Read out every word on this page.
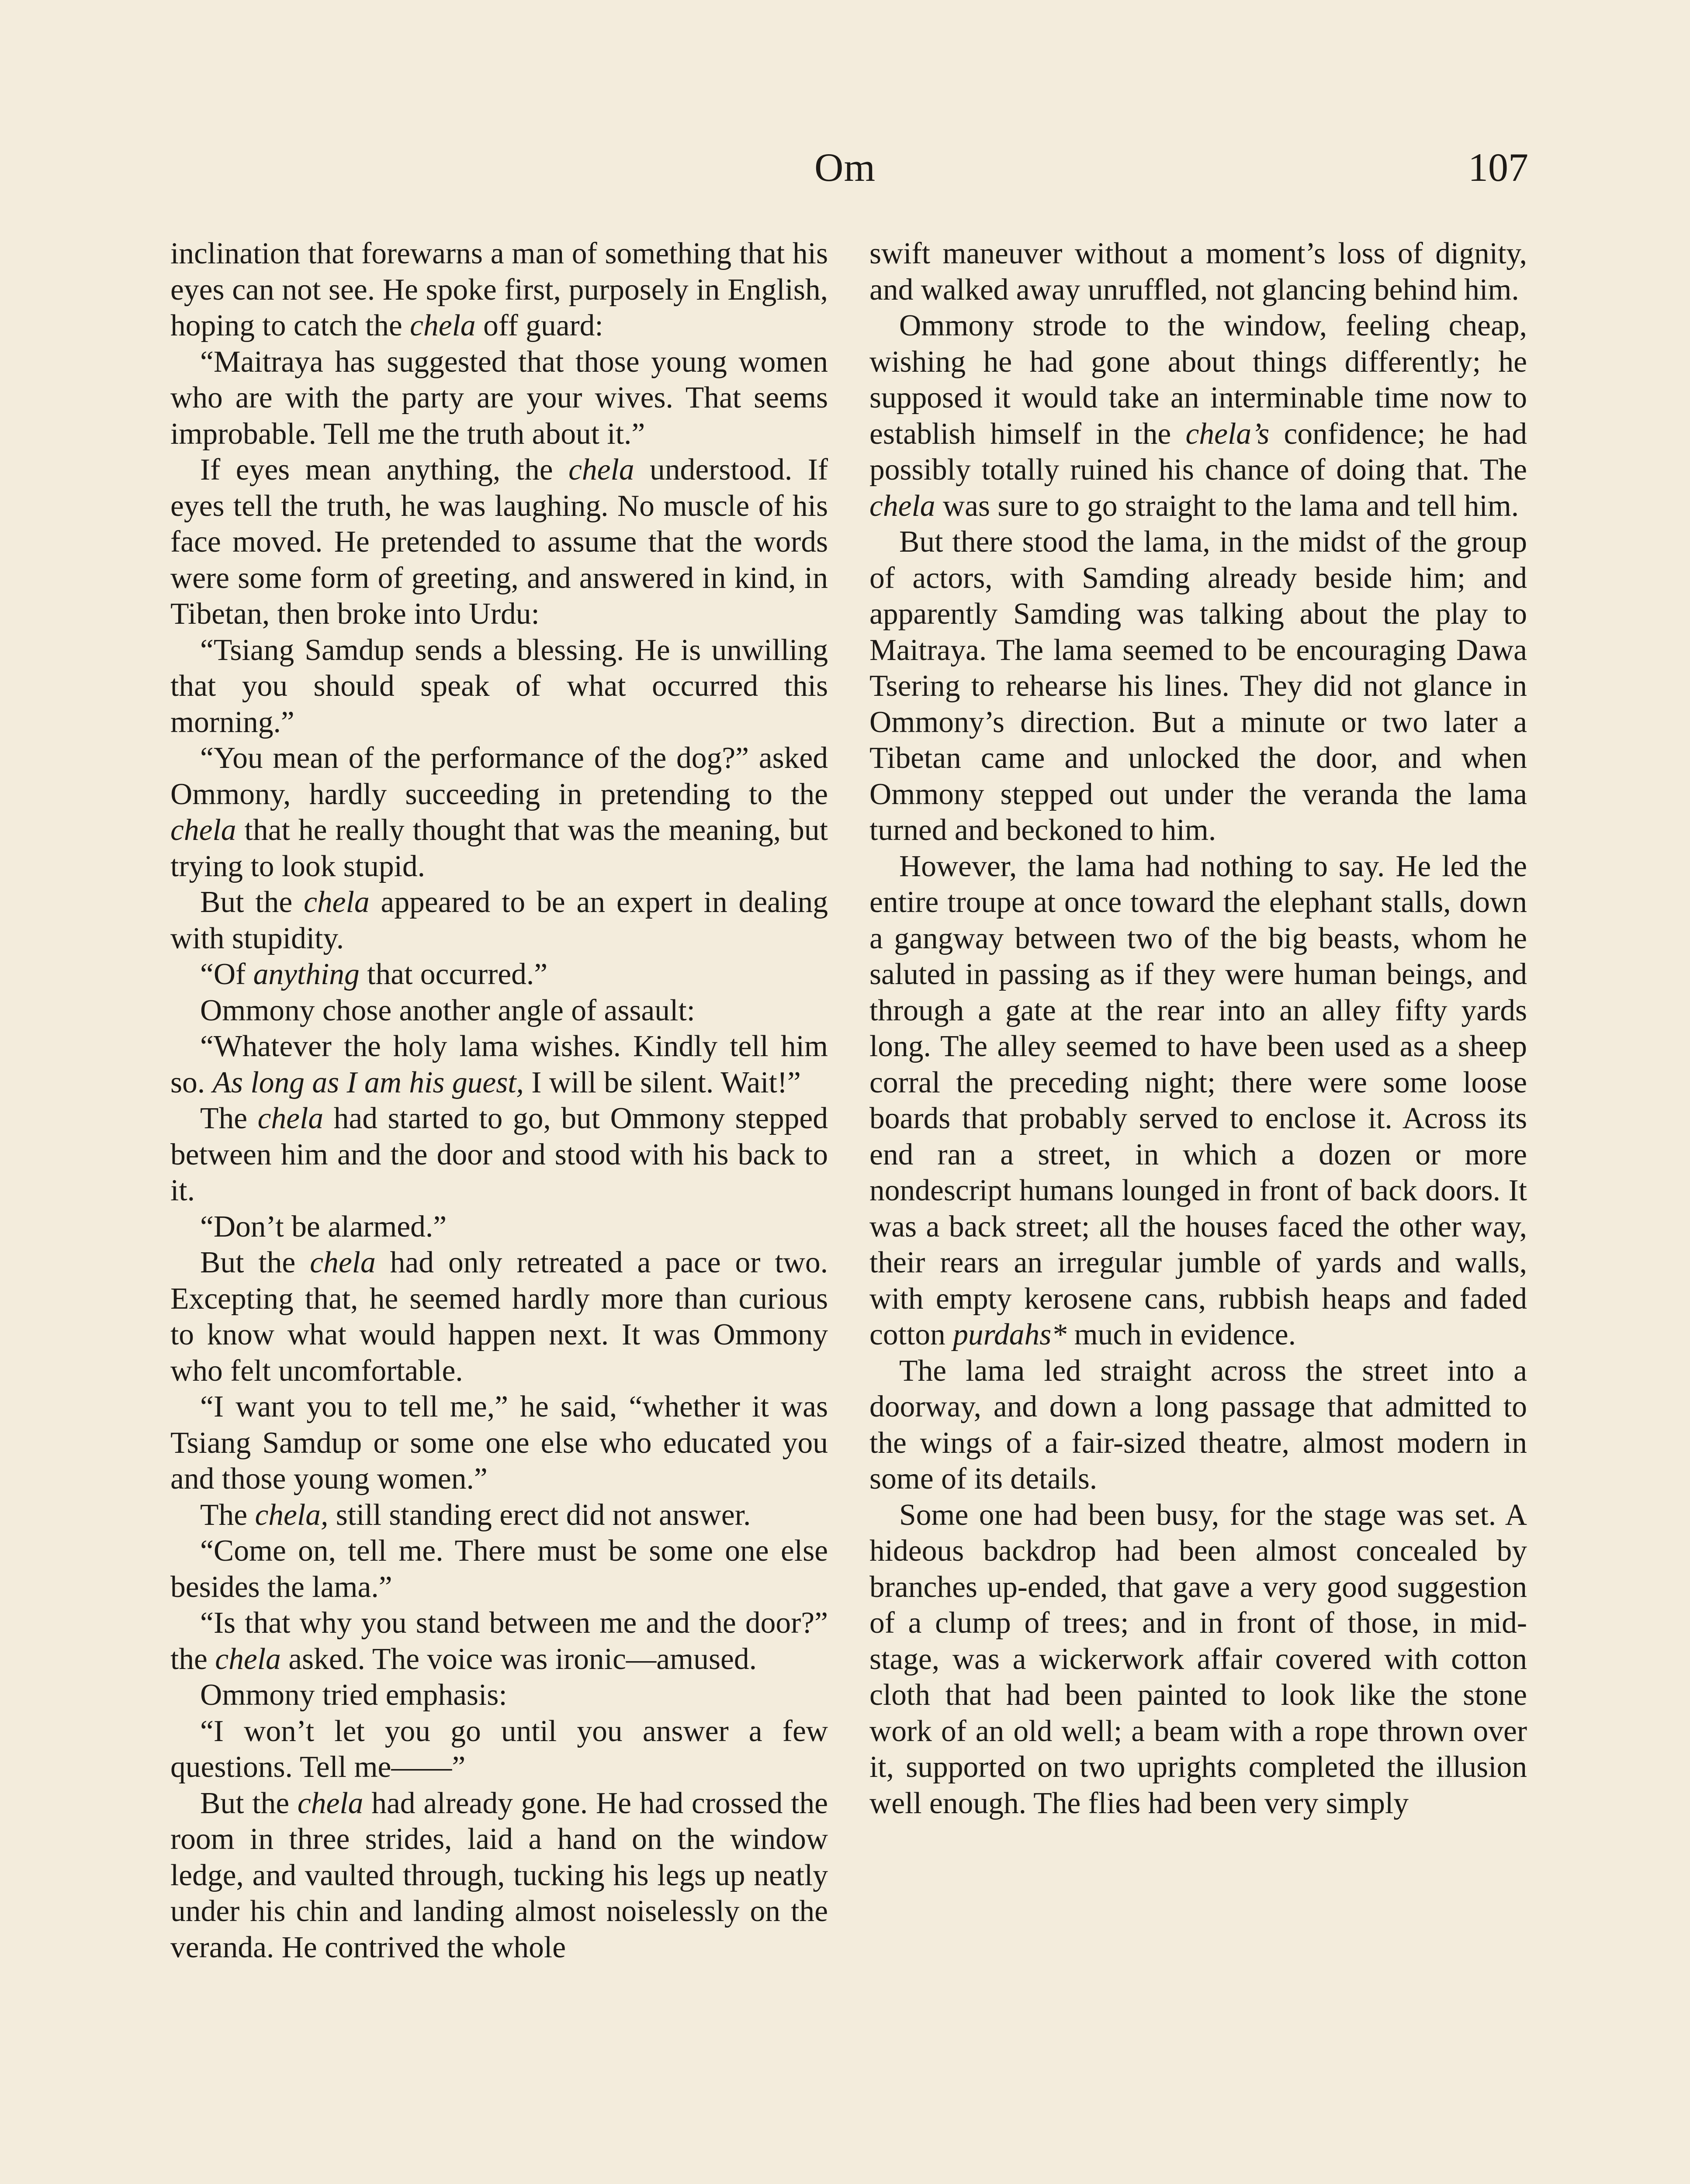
Om	107

inclination that forewarns a man of something that his eyes can not see. He spoke first, purposely in English, hoping to catch the chela off guard:

“Maitraya has suggested that those young women who are with the party are your wives. That seems improbable. Tell me the truth about it.”

If eyes mean anything, the chela understood. If eyes tell the truth, he was laughing. No muscle of his face moved. He pretended to assume that the words were some form of greeting, and answered in kind, in Tibetan, then broke into Urdu:

“Tsiang Samdup sends a blessing. He is unwilling that you should speak of what occurred this morning.”

“You mean of the performance of the dog?” asked Ommony, hardly succeeding in pretending to the chela that he really thought that was the meaning, but trying to look stupid.

But the chela appeared to be an expert in dealing with stupidity.

“Of anything that occurred.”

Ommony chose another angle of assault:

“Whatever the holy lama wishes. Kindly tell him so. As long as I am his guest, I will be silent. Wait!”

The chela had started to go, but Ommony stepped between him and the door and stood with his back to it.

“Don’t be alarmed.”

But the chela had only retreated a pace or two. Excepting that, he seemed hardly more than curious to know what would happen next. It was Ommony who felt uncomfortable.

“I want you to tell me,” he said, “whether it was Tsiang Samdup or some one else who educated you and those young women.”

The chela, still standing erect did not answer.

“Come on, tell me. There must be some one else besides the lama.”

“Is that why you stand between me and the door?” the chela asked. The voice was ironic—amused.

Ommony tried emphasis:

“I won’t let you go until you answer a few questions. Tell me——”

But the chela had already gone. He had crossed the room in three strides, laid a hand on the window ledge, and vaulted through, tucking his legs up neatly under his chin and landing almost noiselessly on the veranda. He contrived the whole

swift maneuver without a moment’s loss of dignity, and walked away unruffled, not glancing behind him.

Ommony strode to the window, feeling cheap, wishing he had gone about things differently; he supposed it would take an interminable time now to establish himself in the chela’s confidence; he had possibly totally ruined his chance of doing that. The chela was sure to go straight to the lama and tell him.

But there stood the lama, in the midst of the group of actors, with Samding already beside him; and apparently Samding was talking about the play to Maitraya. The lama seemed to be encouraging Dawa Tsering to rehearse his lines. They did not glance in Ommony’s direction. But a minute or two later a Tibetan came and unlocked the door, and when Ommony stepped out under the veranda the lama turned and beckoned to him.

However, the lama had nothing to say. He led the entire troupe at once toward the elephant stalls, down a gangway between two of the big beasts, whom he saluted in passing as if they were human beings, and through a gate at the rear into an alley fifty yards long. The alley seemed to have been used as a sheep corral the preceding night; there were some loose boards that probably served to enclose it. Across its end ran a street, in which a dozen or more nondescript humans lounged in front of back doors. It was a back street; all the houses faced the other way, their rears an irregular jumble of yards and walls, with empty kerosene cans, rubbish heaps and faded cotton purdahs* much in evidence.

The lama led straight across the street into a doorway, and down a long passage that admitted to the wings of a fair-sized theatre, almost modern in some of its details.

Some one had been busy, for the stage was set. A hideous backdrop had been almost concealed by branches up-ended, that gave a very good suggestion of a clump of trees; and in front of those, in mid-stage, was a wickerwork affair covered with cotton cloth that had been painted to look like the stone work of an old well; a beam with a rope thrown over it, supported on two uprights completed the illusion well enough. The flies had been very simply
